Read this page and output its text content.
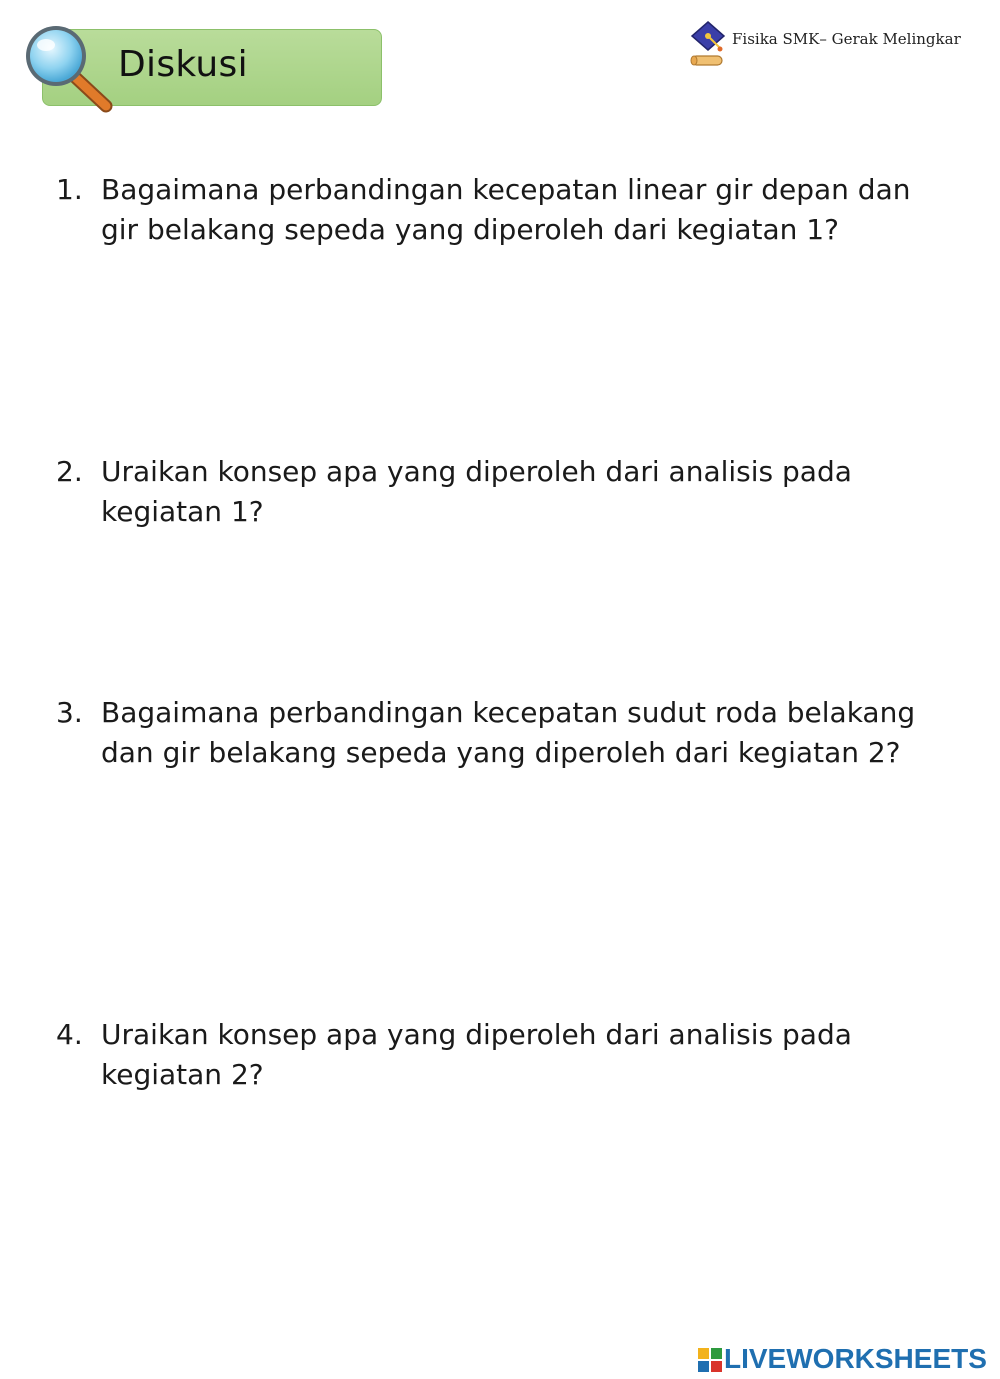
Diskusi
Fisika SMK– Gerak Melingkar
1. Bagaimana perbandingan kecepatan linear gir depan dan gir belakang sepeda yang diperoleh dari kegiatan 1?
2. Uraikan konsep apa yang diperoleh dari analisis pada kegiatan 1?
3. Bagaimana perbandingan kecepatan sudut roda belakang dan gir belakang sepeda yang diperoleh dari kegiatan 2?
4. Uraikan konsep apa yang diperoleh dari analisis pada kegiatan 2?
LIVEWORKSHEETS
